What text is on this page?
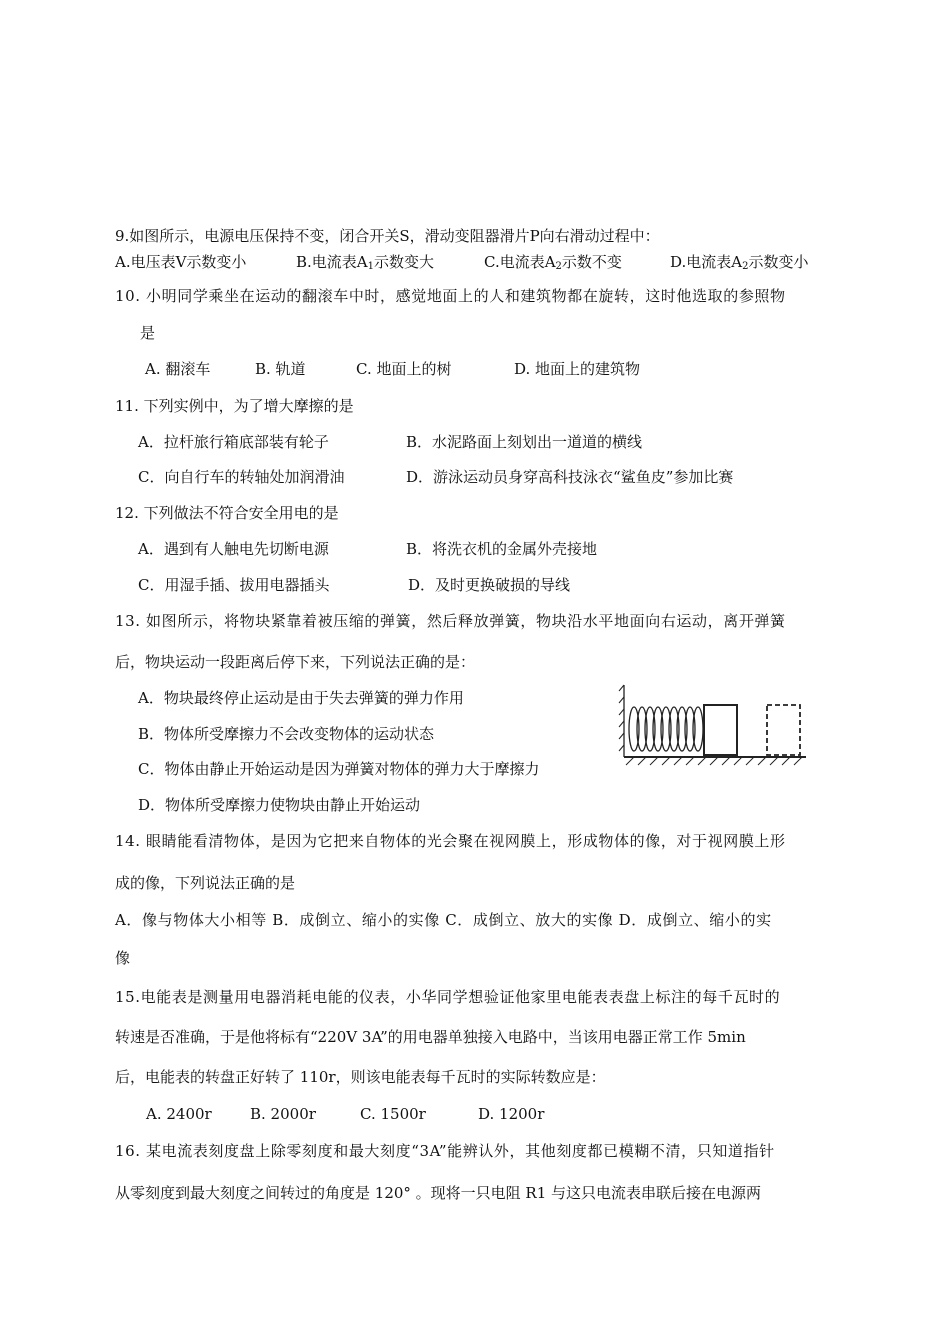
9.如图所示，电源电压保持不变，闭合开关S，滑动变阻器滑片P向右滑动过程中：
A.电压表V示数变小	B.电流表$A_1$示数变大	C.电流表$A_2$示数不变	D.电流表$A_2$示数变小
10. 小明同学乘坐在运动的翻滚车中时，感觉地面上的人和建筑物都在旋转，这时他选取的参照物
是
A. 翻滚车	B. 轨道	C. 地面上的树	D. 地面上的建筑物
11. 下列实例中，为了增大摩擦的是
A．拉杆旅行箱底部装有轮子	B．水泥路面上刻划出一道道的横线
C．向自行车的转轴处加润滑油	D．游泳运动员身穿高科技泳衣“鲨鱼皮”参加比赛
12. 下列做法不符合安全用电的是
A．遇到有人触电先切断电源	B．将洗衣机的金属外壳接地
C．用湿手插、拔用电器插头	D．及时更换破损的导线
13. 如图所示，将物块紧靠着被压缩的弹簧，然后释放弹簧，物块沿水平地面向右运动，离开弹簧
后，物块运动一段距离后停下来，下列说法正确的是：
A．物块最终停止运动是由于失去弹簧的弹力作用
B．物体所受摩擦力不会改变物体的运动状态
C．物体由静止开始运动是因为弹簧对物体的弹力大于摩擦力
D．物体所受摩擦力使物块由静止开始运动
14. 眼睛能看清物体，是因为它把来自物体的光会聚在视网膜上，形成物体的像，对于视网膜上形
成的像，下列说法正确的是
A．像与物体大小相等 B．成倒立、缩小的实像 C．成倒立、放大的实像 D．成倒立、缩小的实
像
15.电能表是测量用电器消耗电能的仪表，小华同学想验证他家里电能表表盘上标注的每千瓦时的
转速是否准确，于是他将标有“220V 3A”的用电器单独接入电路中，当该用电器正常工作 5min
后，电能表的转盘正好转了 110r，则该电能表每千瓦时的实际转数应是：
A. 2400r	B. 2000r	C. 1500r	D. 1200r
16. 某电流表刻度盘上除零刻度和最大刻度“3A”能辨认外，其他刻度都已模糊不清，只知道指针
从零刻度到最大刻度之间转过的角度是 120° 。现将一只电阻 R1 与这只电流表串联后接在电源两
